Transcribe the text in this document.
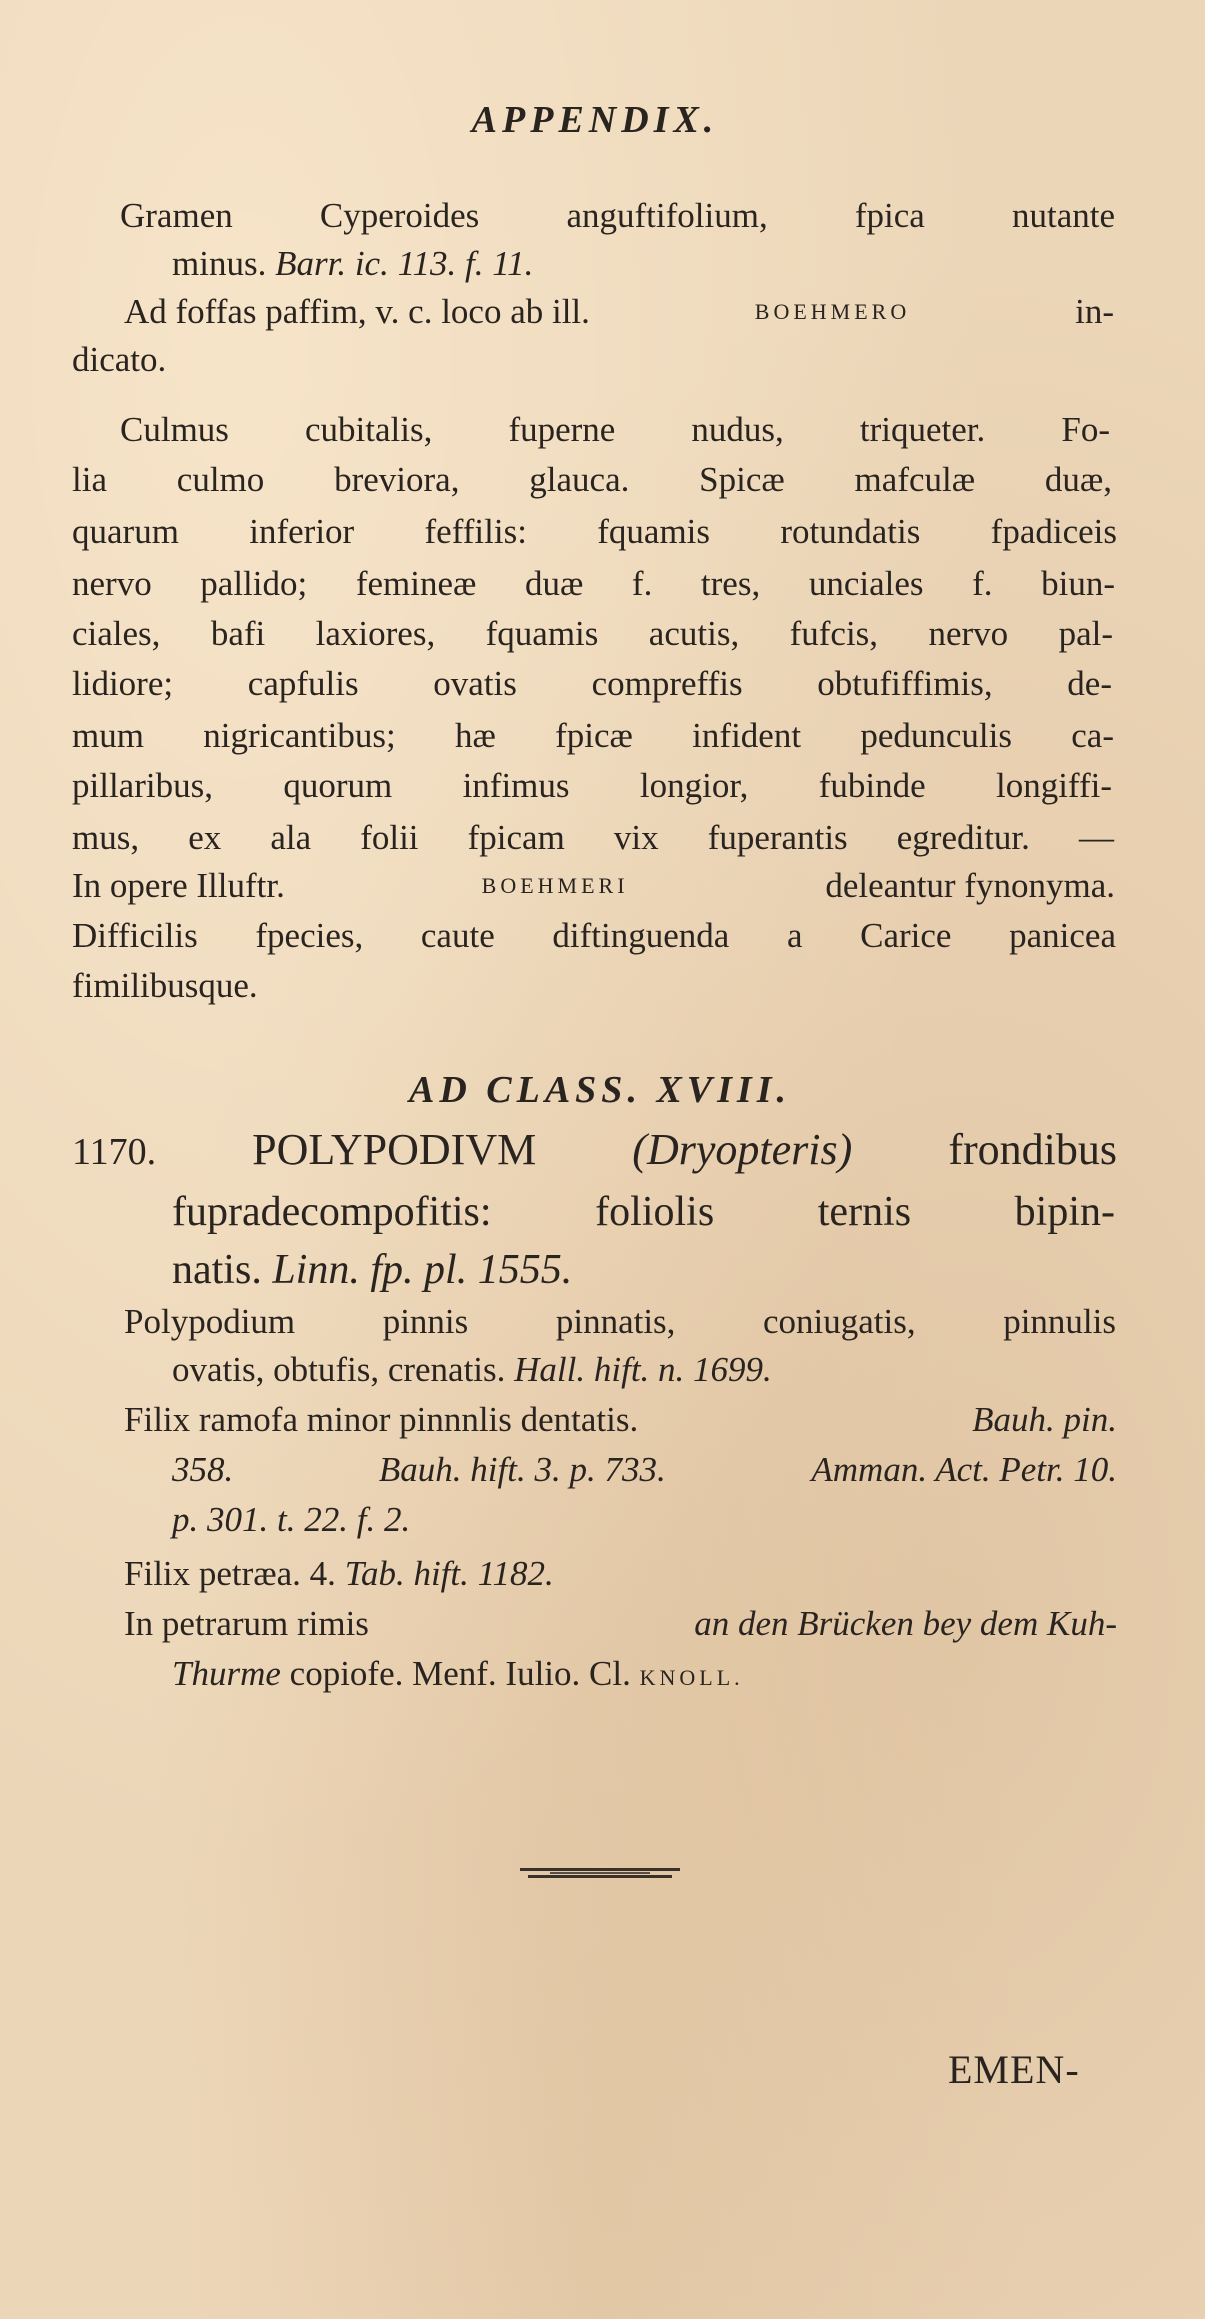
APPENDIX.
Gramen Cyperoides anguftifolium, fpica nutante
minus. Barr. ic. 113. f. 11.
Ad foffas paffim, v. c. loco ab ill.	BOEHMERO	in-
dicato.
Culmus cubitalis, fuperne nudus, triqueter. Fo-
lia culmo breviora, glauca. Spicæ mafculæ duæ,
quarum inferior feffilis: fquamis rotundatis fpadiceis
nervo pallido; femineæ duæ f. tres, unciales f. biun-
ciales, bafi laxiores, fquamis acutis, fufcis, nervo pal-
lidiore; capfulis ovatis compreffis obtufiffimis, de-
mum nigricantibus; hæ fpicæ infident pedunculis ca-
pillaribus, quorum infimus longior, fubinde longiffi-
mus, ex ala folii fpicam vix fuperantis egreditur. —
In opere Illuftr.	BOEHMERI	deleantur fynonyma.
Difficilis fpecies, caute diftinguenda a Carice panicea
fimilibusque.
AD CLASS. XVIII.
1170. POLYPODIVM (Dryopteris) frondibus
fupradecompofitis: foliolis ternis bipin-
natis. Linn. fp. pl. 1555.
Polypodium pinnis pinnatis, coniugatis, pinnulis
ovatis, obtufis, crenatis. Hall. hift. n. 1699.
Filix ramofa minor pinnnlis dentatis.	Bauh. pin.
358.	Bauh. hift. 3. p. 733.	Amman. Act. Petr. 10.
p. 301. t. 22. f. 2.
Filix petræa. 4. Tab. hift. 1182.
In petrarum rimis	an den Brücken bey dem Kuh-
Thurme copiofe. Menf. Iulio. Cl. KNOLL.
EMEN-
